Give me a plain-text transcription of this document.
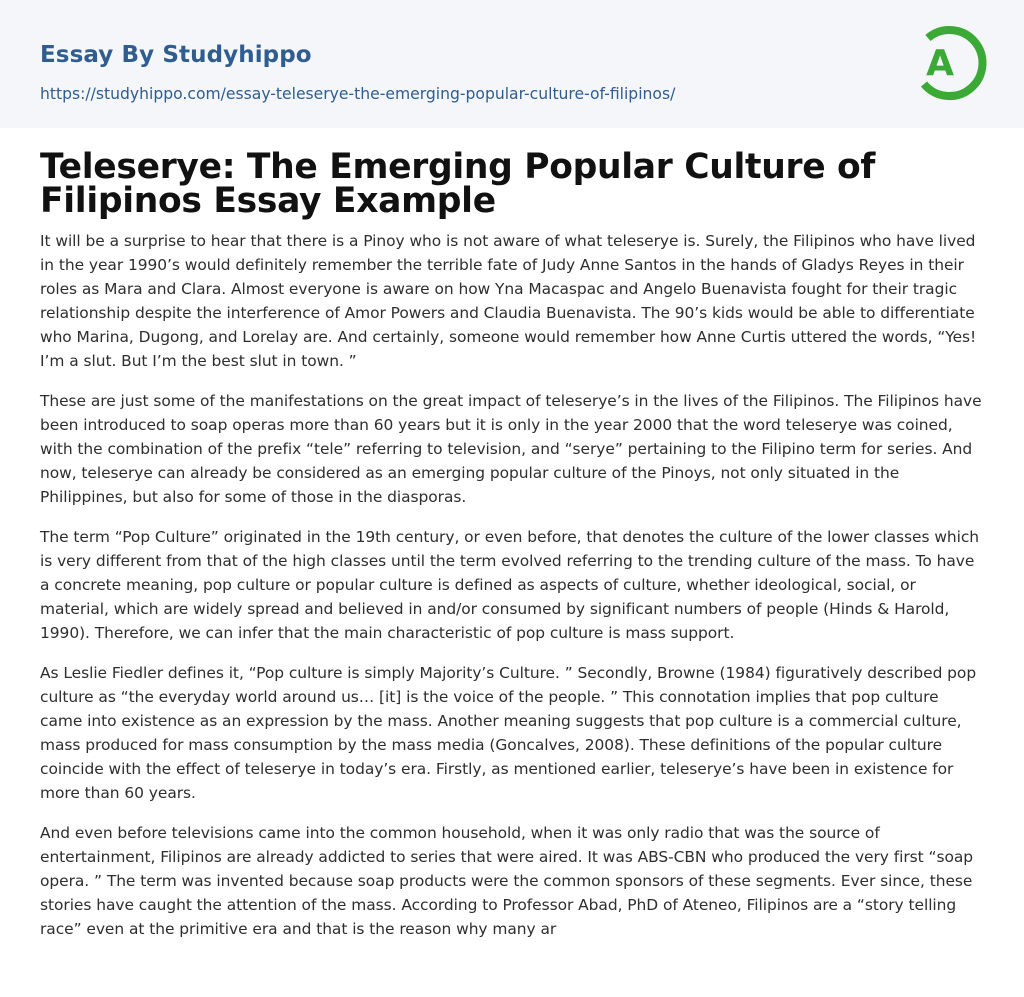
Essay By Studyhippo
https://studyhippo.com/essay-teleserye-the-emerging-popular-culture-of-filipinos/
A
Teleserye: The Emerging Popular Culture of Filipinos Essay Example

It will be a surprise to hear that there is a Pinoy who is not aware of what teleserye is. Surely, the Filipinos who have lived in the year 1990’s would definitely remember the terrible fate of Judy Anne Santos in the hands of Gladys Reyes in their roles as Mara and Clara. Almost everyone is aware on how Yna Macaspac and Angelo Buenavista fought for their tragic relationship despite the interference of Amor Powers and Claudia Buenavista. The 90’s kids would be able to differentiate who Marina, Dugong, and Lorelay are. And certainly, someone would remember how Anne Curtis uttered the words, “Yes! I’m a slut. But I’m the best slut in town. ”

These are just some of the manifestations on the great impact of teleserye’s in the lives of the Filipinos. The Filipinos have been introduced to soap operas more than 60 years but it is only in the year 2000 that the word teleserye was coined, with the combination of the prefix “tele” referring to television, and “serye” pertaining to the Filipino term for series. And now, teleserye can already be considered as an emerging popular culture of the Pinoys, not only situated in the Philippines, but also for some of those in the diasporas.

The term “Pop Culture” originated in the 19th century, or even before, that denotes the culture of the lower classes which is very different from that of the high classes until the term evolved referring to the trending culture of the mass. To have a concrete meaning, pop culture or popular culture is defined as aspects of culture, whether ideological, social, or material, which are widely spread and believed in and/or consumed by significant numbers of people (Hinds & Harold, 1990). Therefore, we can infer that the main characteristic of pop culture is mass support.

As Leslie Fiedler defines it, “Pop culture is simply Majority’s Culture. ” Secondly, Browne (1984) figuratively described pop culture as “the everyday world around us… [it] is the voice of the people. ” This connotation implies that pop culture came into existence as an expression by the mass. Another meaning suggests that pop culture is a commercial culture, mass produced for mass consumption by the mass media (Goncalves, 2008). These definitions of the popular culture coincide with the effect of teleserye in today’s era. Firstly, as mentioned earlier, teleserye’s have been in existence for more than 60 years.

And even before televisions came into the common household, when it was only radio that was the source of entertainment, Filipinos are already addicted to series that were aired. It was ABS-CBN who produced the very first “soap opera. ” The term was invented because soap products were the common sponsors of these segments. Ever since, these stories have caught the attention of the mass. According to Professor Abad, PhD of Ateneo, Filipinos are a “story telling race” even at the primitive era and that is the reason why many ar
